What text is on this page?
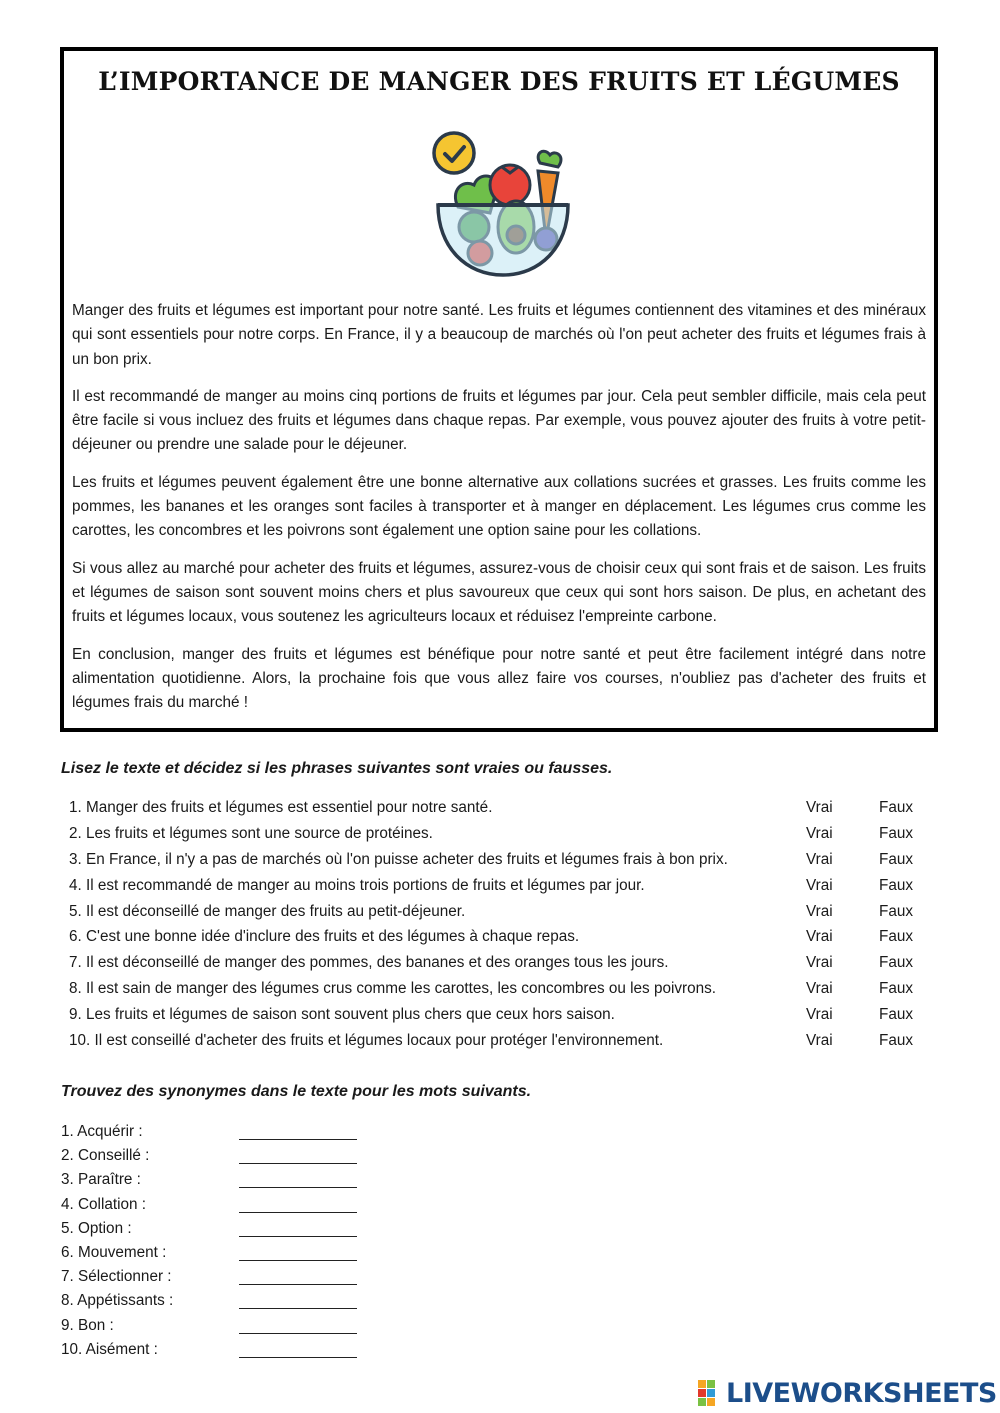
L’IMPORTANCE DE MANGER DES FRUITS ET LÉGUMES

Manger des fruits et légumes est important pour notre santé. Les fruits et légumes contiennent des vitamines et des minéraux qui sont essentiels pour notre corps. En France, il y a beaucoup de marchés où l'on peut acheter des fruits et légumes frais à un bon prix.

Il est recommandé de manger au moins cinq portions de fruits et légumes par jour. Cela peut sembler difficile, mais cela peut être facile si vous incluez des fruits et légumes dans chaque repas. Par exemple, vous pouvez ajouter des fruits à votre petit-déjeuner ou prendre une salade pour le déjeuner.

Les fruits et légumes peuvent également être une bonne alternative aux collations sucrées et grasses. Les fruits comme les pommes, les bananes et les oranges sont faciles à transporter et à manger en déplacement. Les légumes crus comme les carottes, les concombres et les poivrons sont également une option saine pour les collations.

Si vous allez au marché pour acheter des fruits et légumes, assurez-vous de choisir ceux qui sont frais et de saison. Les fruits et légumes de saison sont souvent moins chers et plus savoureux que ceux qui sont hors saison. De plus, en achetant des fruits et légumes locaux, vous soutenez les agriculteurs locaux et réduisez l'empreinte carbone.

En conclusion, manger des fruits et légumes est bénéfique pour notre santé et peut être facilement intégré dans notre alimentation quotidienne. Alors, la prochaine fois que vous allez faire vos courses, n'oubliez pas d'acheter des fruits et légumes frais du marché !

Lisez le texte et décidez si les phrases suivantes sont vraies ou fausses.
1. Manger des fruits et légumes est essentiel pour notre santé.	Vrai	Faux
2. Les fruits et légumes sont une source de protéines.	Vrai	Faux
3. En France, il n'y a pas de marchés où l'on puisse acheter des fruits et légumes frais à bon prix.	Vrai	Faux
4. Il est recommandé de manger au moins trois portions de fruits et légumes par jour.	Vrai	Faux
5. Il est déconseillé de manger des fruits au petit-déjeuner.	Vrai	Faux
6. C'est une bonne idée d'inclure des fruits et des légumes à chaque repas.	Vrai	Faux
7. Il est déconseillé de manger des pommes, des bananes et des oranges tous les jours.	Vrai	Faux
8. Il est sain de manger des légumes crus comme les carottes, les concombres ou les poivrons.	Vrai	Faux
9. Les fruits et légumes de saison sont souvent plus chers que ceux hors saison.	Vrai	Faux
10. Il est conseillé d'acheter des fruits et légumes locaux pour protéger l'environnement.	Vrai	Faux
Trouvez des synonymes dans le texte pour les mots suivants.
1. Acquérir :
2. Conseillé :
3. Paraître :
4. Collation :
5. Option :
6. Mouvement :
7. Sélectionner :
8. Appétissants :
9. Bon :
10. Aisément :
LIVEWORKSHEETS
